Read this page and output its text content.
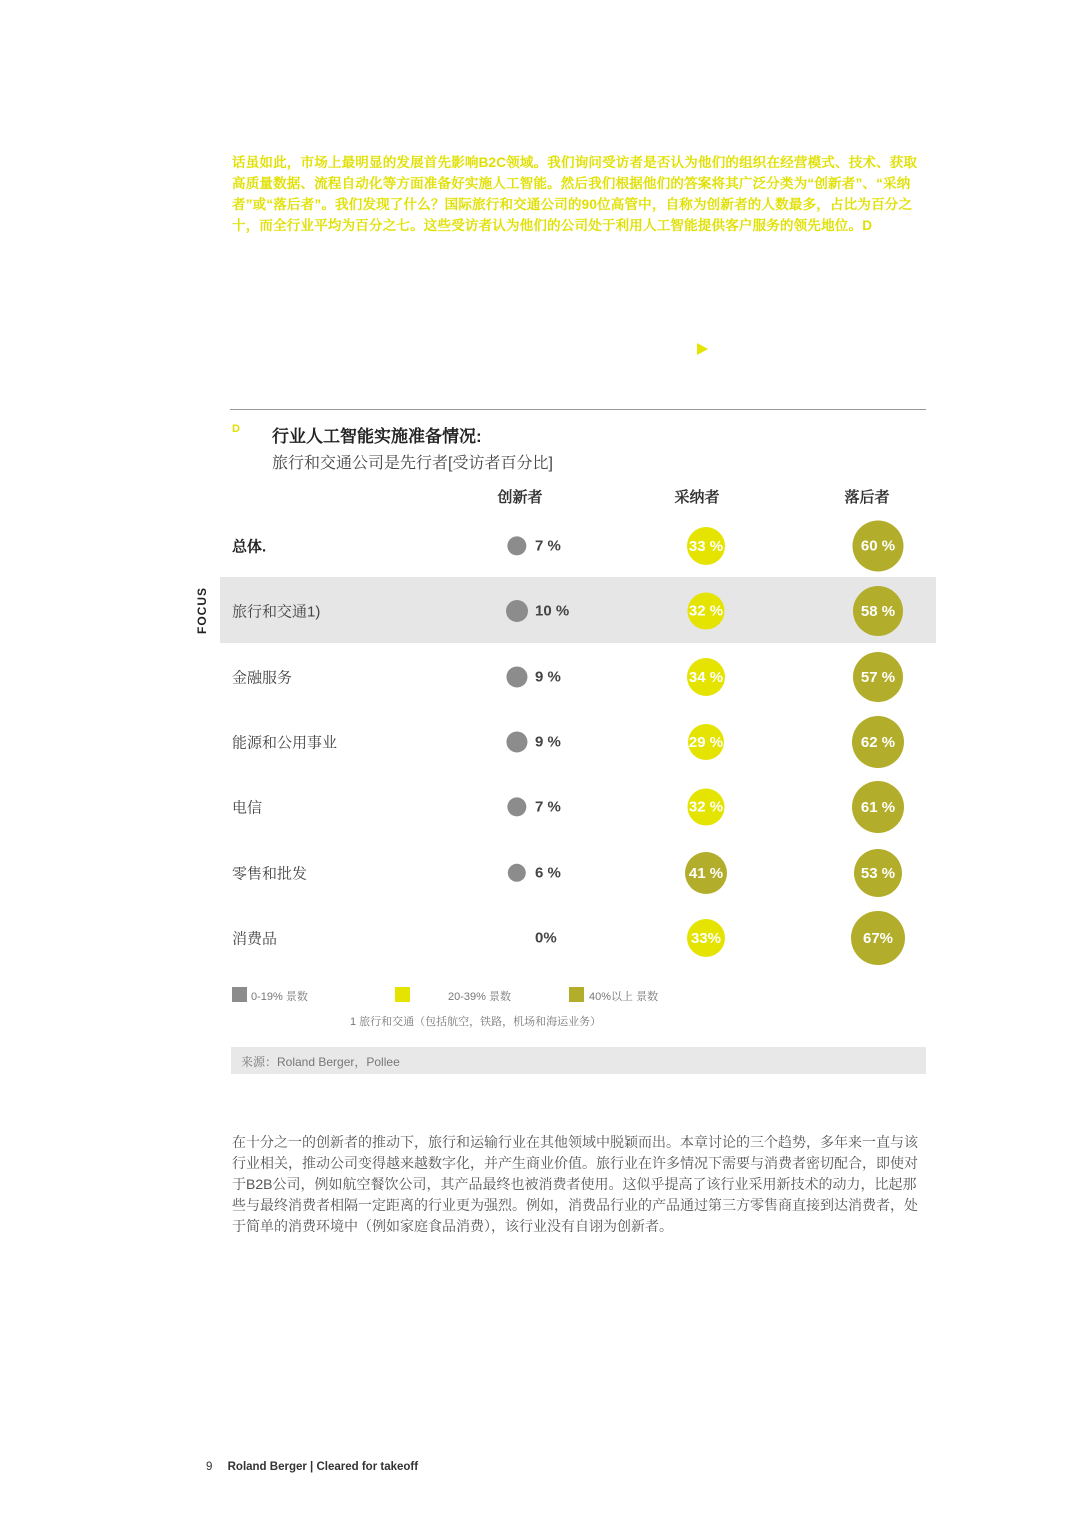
话虽如此，市场上最明显的发展首先影响B2C领域。我们询问受访者是否认为他们的组织在经营模式、技术、获取高质量数据、流程自动化等方面准备好实施人工智能。然后我们根据他们的答案将其广泛分类为“创新者”、“采纳者”或“落后者”。我们发现了什么？国际旅行和交通公司的90位高管中，自称为创新者的人数最多，占比为百分之十，而全行业平均为百分之七。这些受访者认为他们的公司处于利用人工智能提供客户服务的领先地位。D
D 行业人工智能实施准备情况:
旅行和交通公司是先行者[受访者百分比]
创新者	采纳者	落后者
FOCUS
总体.	7 %	33 %	60 %
旅行和交通1)	10 %	32 %	58 %
金融服务	9 %	34 %	57 %
能源和公用事业	9 %	29 %	62 %
电信	7 %	32 %	61 %
零售和批发	6 %	41 %	53 %
消费品	0%	33%	67%
0-19% 景数	20-39% 景数	40%以上 景数
1 旅行和交通（包括航空，铁路，机场和海运业务）
来源：Roland Berger，Pollee
在十分之一的创新者的推动下，旅行和运输行业在其他领域中脱颖而出。本章讨论的三个趋势，多年来一直与该行业相关，推动公司变得越来越数字化，并产生商业价值。旅行业在许多情况下需要与消费者密切配合，即使对于B2B公司，例如航空餐饮公司，其产品最终也被消费者使用。这似乎提高了该行业采用新技术的动力，比起那些与最终消费者相隔一定距离的行业更为强烈。例如，消费品行业的产品通过第三方零售商直接到达消费者，处于简单的消费环境中（例如家庭食品消费），该行业没有自诩为创新者。
9 Roland Berger | Cleared for takeoff
